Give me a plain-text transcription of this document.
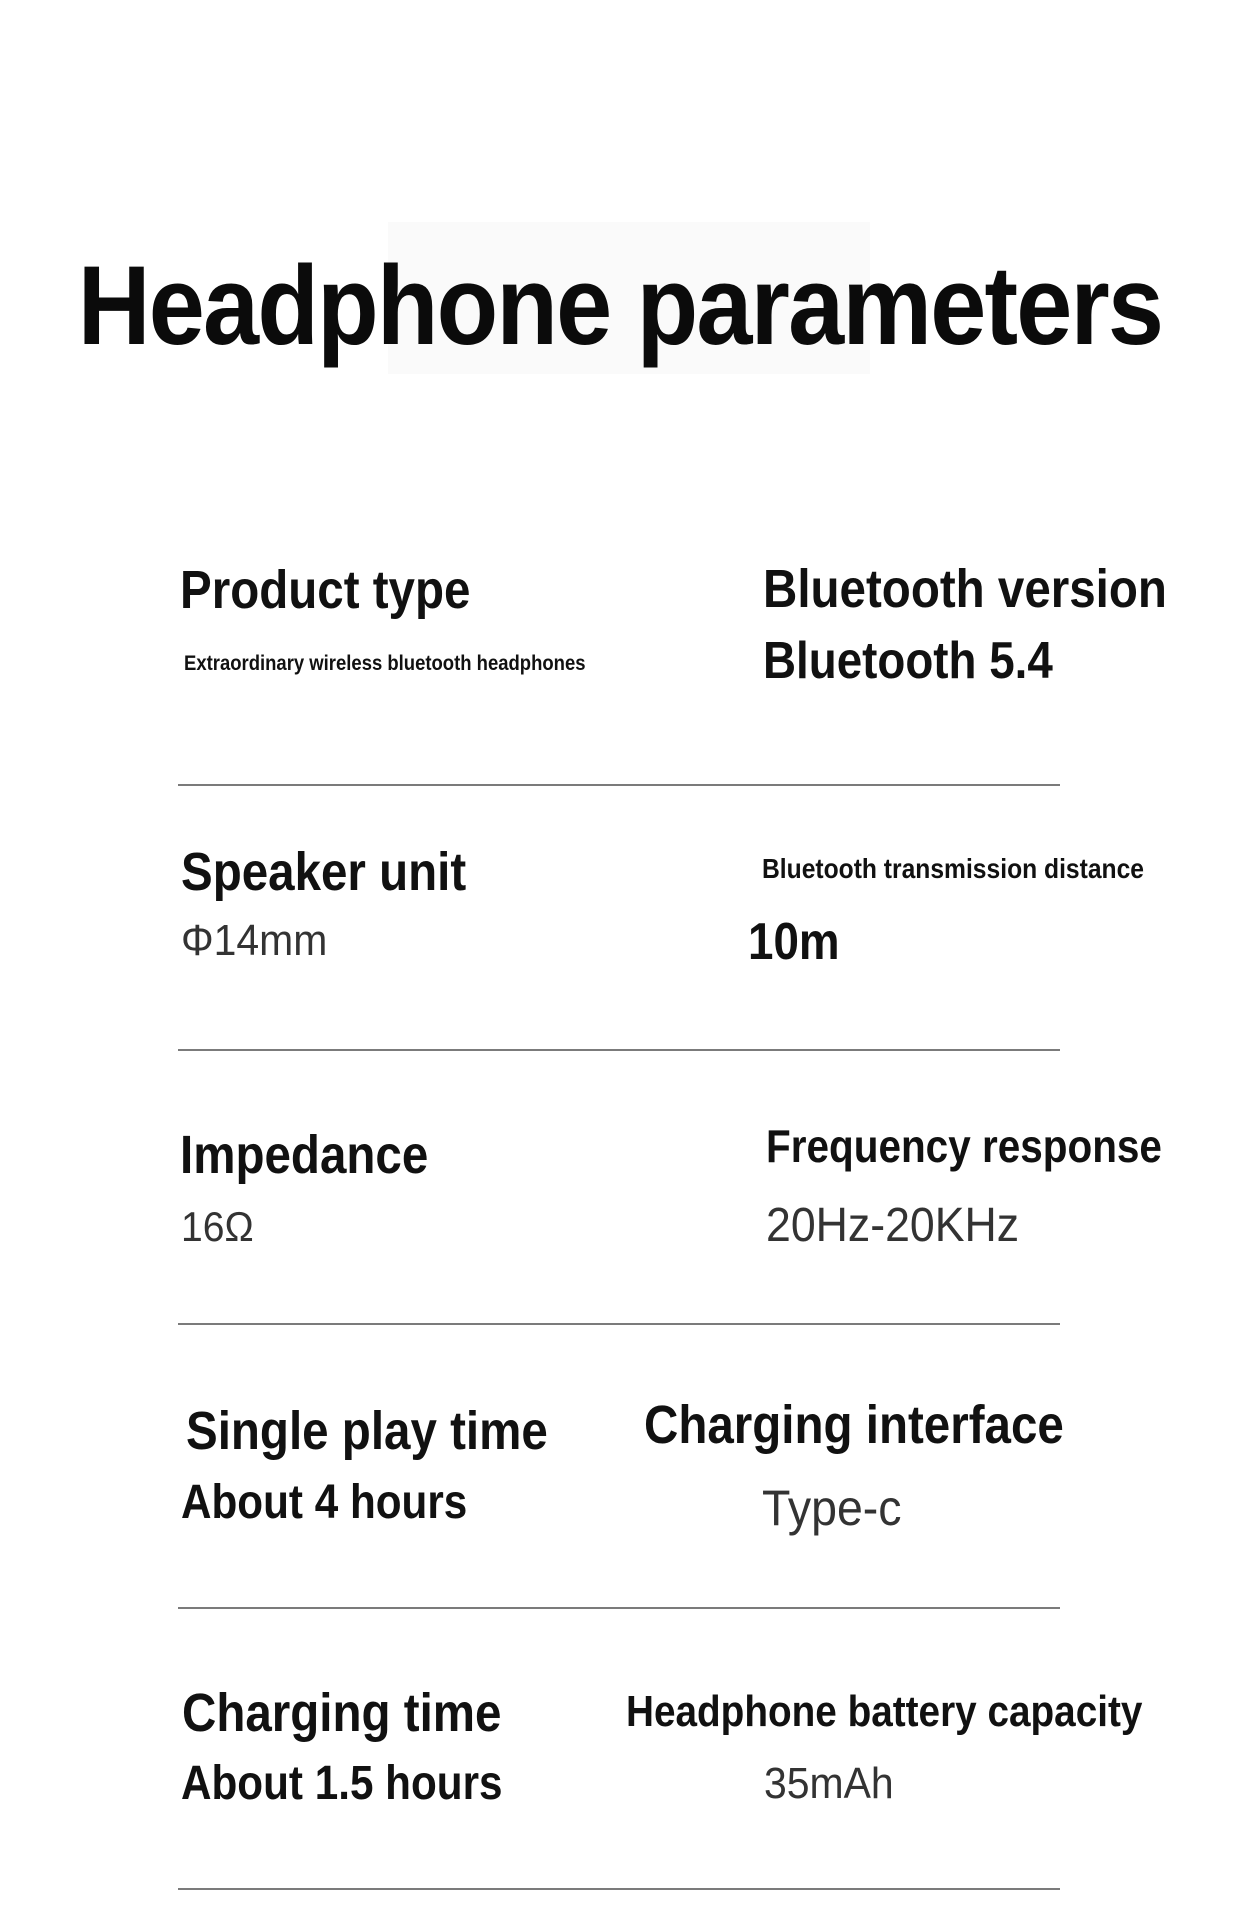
Headphone parameters
Product type
Extraordinary wireless bluetooth headphones
Bluetooth version
Bluetooth 5.4
Speaker unit
Φ14mm
Bluetooth transmission distance
10m
Impedance
16Ω
Frequency response
20Hz-20KHz
Single play time
About 4 hours
Charging interface
Type-c
Charging time
About 1.5 hours
Headphone battery capacity
35mAh
